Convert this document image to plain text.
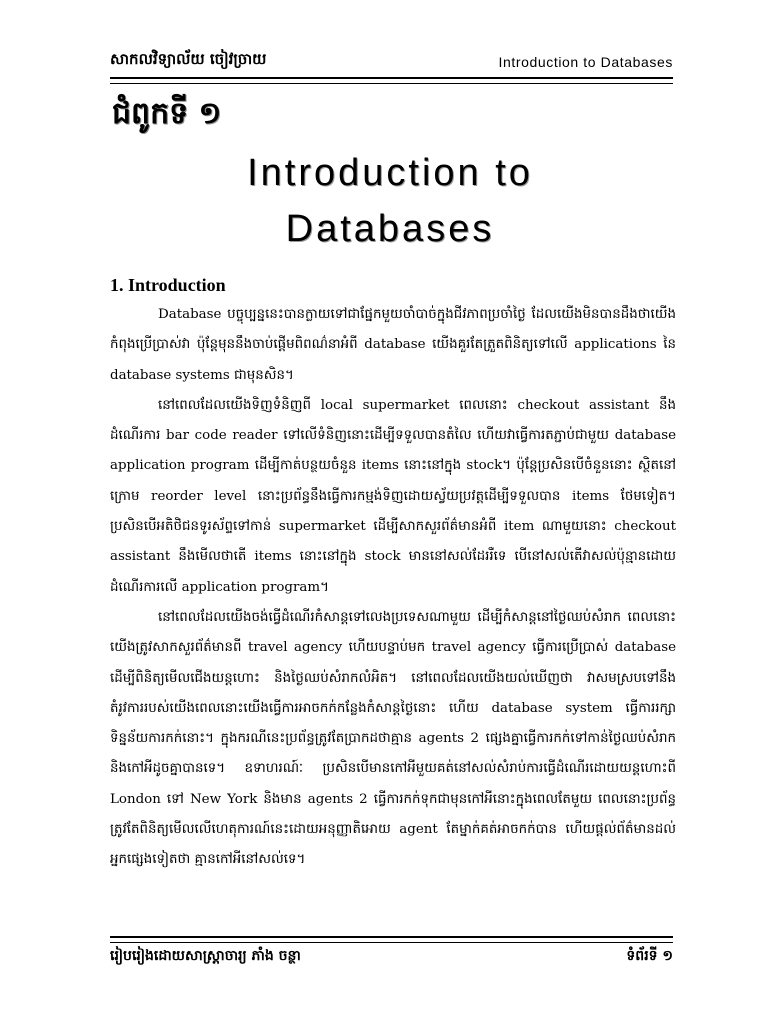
សាកលវិទ្យាល័យ ចៀវច្រាយ	Introduction to Databases
ជំពូកទី ១
Introduction to
Databases
1. Introduction

Database បច្ចុប្បន្ននេះបានក្លាយទៅជាផ្នែកមួយចាំបាច់ក្នុងជីវភាពប្រចាំថ្ងៃ ដែលយើងមិនបានដឹងថាយើងកំពុងប្រើប្រាស់វា ប៉ុន្តែមុននឹងចាប់ផ្តើមពិពណ៌នាអំពី database យើងគួរតែត្រួតពិនិត្យទៅលើ applications នៃ database systems ជាមុនសិន។

នៅពេលដែលយើងទិញទំនិញពី local supermarket ពេលនោះ checkout assistant នឹងដំណើរការ bar code reader ទៅលើទំនិញនោះដើម្បីទទួលបានតំលៃ ហើយវាធ្វើការតភ្ជាប់ជាមួយ database application program ដើម្បីកាត់បន្ថយចំនួន items នោះនៅក្នុង stock។ ប៉ុន្តែប្រសិនបើចំនួននោះ ស្ថិតនៅក្រោម reorder level នោះប្រព័ន្ធនឹងធ្វើការកម្មង់ទិញដោយស្វ័យប្រវត្តដើម្បីទទួលបាន items ថែមទៀត។ ប្រសិនបើអតិថិជនទូរស័ព្ទទៅកាន់ supermarket ដើម្បីសាកសួរព័ត៌មានអំពី item ណាមួយនោះ checkout assistant នឹងមើលថាតើ items នោះនៅក្នុង stock មាននៅសល់ដែររឺទេ បើនៅសល់តើវាសល់ប៉ុន្មានដោយដំណើរការលើ application program។

នៅពេលដែលយើងចង់ធ្វើដំណើរកំសាន្តទៅលេងប្រទេសណាមួយ ដើម្បីកំសាន្តនៅថ្ងៃឈប់សំរាក ពេលនោះយើងត្រូវសាកសួរព័ត៌មានពី travel agency ហើយបន្ទាប់មក travel agency ធ្វើការប្រើប្រាស់ database ដើម្បីពិនិត្យមើលជើងយន្តហោះ និងថ្ងៃឈប់សំរាកលំអិត។ នៅពេលដែលយើងយល់ឃើញថា វាសមស្របទៅនឹងតំរូវការរបស់យើងពេលនោះយើងធ្វើការអាចកក់កន្លែងកំសាន្តថ្ងៃនោះ ហើយ database system ធ្វើការរក្សាទិន្នន័យការកក់នោះ។ ក្នុងករណីនេះប្រព័ន្ធត្រូវតែប្រាកដថាគ្មាន agents 2 ផ្សេងគ្នាធ្វើការកក់ទៅកាន់ថ្ងៃឈប់សំរាក និងកៅអីដូចគ្នាបានទេ។ ឧទាហរណ៍ៈ ប្រសិនបើមានកៅអីមួយគត់នៅសល់សំរាប់ការធ្វើដំណើរដោយយន្តហោះពី London ទៅ New York និងមាន agents 2 ធ្វើការកក់ទុកជាមុនកៅអីនោះក្នុងពេលតែមួយ ពេលនោះប្រព័ន្ធត្រូវតែពិនិត្យមើលលើហេតុការណ៍នេះដោយអនុញ្ញាតិអោយ agent តែម្នាក់គត់អាចកក់បាន ហើយផ្តល់ព័ត៌មានដល់អ្នកផ្សេងទៀតថា គ្មានកៅអីនៅសល់ទេ។

រៀបរៀងដោយសាស្ត្រាចារ្យ ភាំង ចន្ថា	ទំព័រទី ១
